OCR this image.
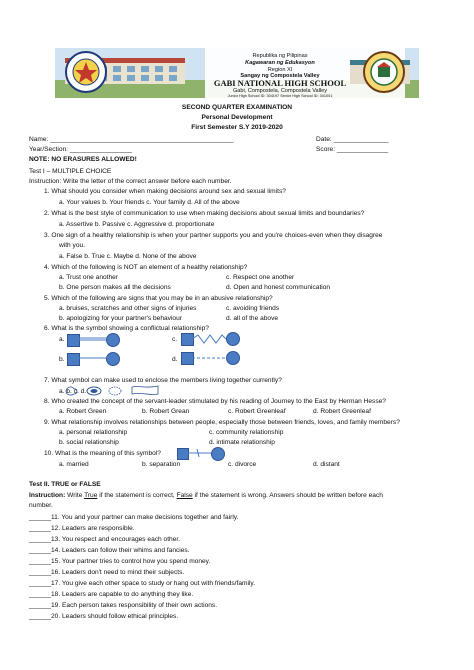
Republika ng Pilipinas
Kagawaran ng Edukasyon
Region XI
Sangay ng Compostela Valley
GABI NATIONAL HIGH SCHOOL
Gabi, Compostela, Compostela Valley
Junior High School ID: 304197 Senior High School ID: 341001
SECOND QUARTER EXAMINATION
Personal Development
First Semester S.Y 2019-2020
Name: __________________________________________________	Date: _______________
Year/Section: _________________	Score: ______________
NOTE: NO ERASURES ALLOWED!
Test I – MULTIPLE CHOICE
Instruction: Write the letter of the correct answer before each number.
1. What should you consider when making decisions around sex and sexual limits?
a. Your values b. Your friends c. Your family d. All of the above
2. What is the best style of communication to use when making decisions about sexual limits and boundaries?
a. Assertive b. Passive c. Aggressive d. proportionate
3. One sign of a healthy relationship is when your partner supports you and you're choices-even when they disagree
with you.
a. False b. True c. Maybe d. None of the above
4. Which of the following is NOT an element of a healthy relationship?
a. Trust one another	c. Respect one another
b. One person makes all the decisions	d. Open and honest communication
5. Which of the following are signs that you may be in an abusive relationship?
a. bruises, scratches and other signs of injuries	c. avoiding friends
b. apologizing for your partner's behaviour	d. all of the above
6. What is the symbol showing a conflictual relationship?
a.	c.
b.	d.
7. What symbol can make used to enclose the members living together currently?
a. b. c. d.
8. Who created the concept of the servant-leader stimulated by his reading of Journey to the East by Herman Hesse?
a. Robert Green	b. Robert Grean	c. Robert Greenleaf	d. Robert Greenleaf
9. What relationship involves relationships between people, especially those between friends, loves, and family members?
a. personal relationship	c. community relationship
b. social relationship	d. intimate relationship
10. What is the meaning of this symbol?
a. married	b. separation	c. divorce	d. distant
Test II. TRUE or FALSE
Instruction: Write True if the statement is correct, False if the statement is wrong. Answers should be written before each
number.
______11. You and your partner can make decisions together and fairly.
______12. Leaders are responsible.
______13. You respect and encourages each other.
______14. Leaders can follow their whims and fancies.
______15. Your partner tries to control how you spend money.
______16. Leaders don't need to mind their subjects.
______17. You give each other space to study or hang out with friends/family.
______18. Leaders are capable to do anything they like.
______19. Each person takes responsibility of their own actions.
______20. Leaders should follow ethical principles.
